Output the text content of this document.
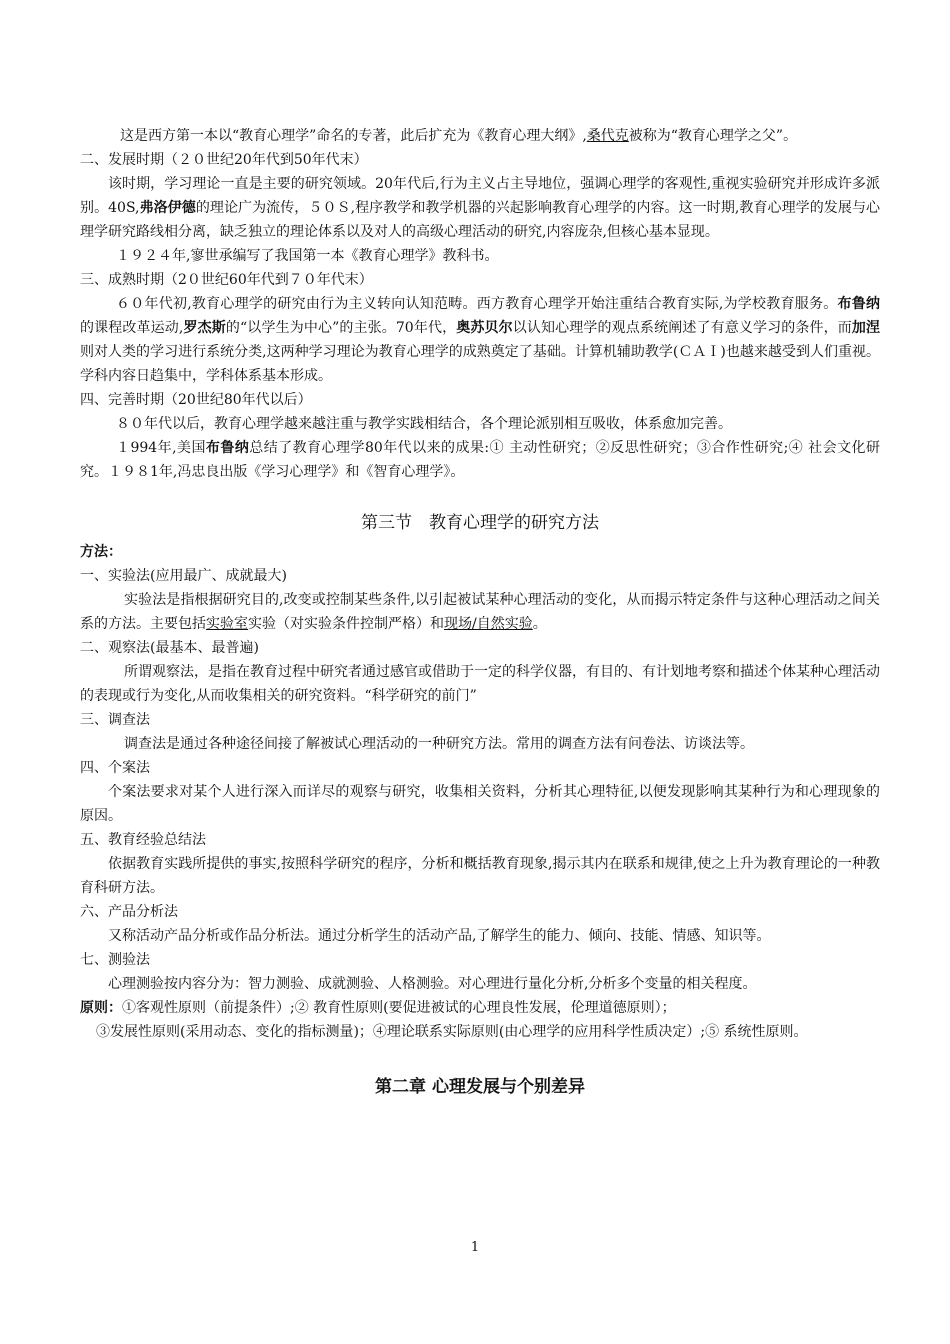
这是西方第一本以“教育心理学”命名的专著，此后扩充为《教育心理大纲》,桑代克被称为“教育心理学之父”。

二、发展时期（２０世纪20年代到50年代末）

该时期，学习理论一直是主要的研究领域。20年代后,行为主义占主导地位，强调心理学的客观性,重视实验研究并形成许多派别。40S,弗洛伊德的理论广为流传，５０Ｓ,程序教学和教学机器的兴起影响教育心理学的内容。这一时期,教育心理学的发展与心理学研究路线相分离，缺乏独立的理论体系以及对人的高级心理活动的研究,内容庞杂,但核心基本显现。

１９２４年,寥世承编写了我国第一本《教育心理学》教科书。

三、成熟时期（2０世纪60年代到７０年代末）

６０年代初,教育心理学的研究由行为主义转向认知范畴。西方教育心理学开始注重结合教育实际,为学校教育服务。布鲁纳的课程改革运动,罗杰斯的“以学生为中心”的主张。70年代，奥苏贝尔以认知心理学的观点系统阐述了有意义学习的条件，而加涅则对人类的学习进行系统分类,这两种学习理论为教育心理学的成熟奠定了基础。计算机辅助教学(ＣＡＩ)也越来越受到人们重视。学科内容日趋集中，学科体系基本形成。

四、完善时期（20世纪80年代以后）

８０年代以后，教育心理学越来越注重与教学实践相结合，各个理论派别相互吸收，体系愈加完善。

１994年,美国布鲁纳总结了教育心理学80年代以来的成果:① 主动性研究；②反思性研究；③合作性研究;④ 社会文化研究。１９８1年,冯忠良出版《学习心理学》和《智育心理学》。

第三节　教育心理学的研究方法

方法：

一、实验法(应用最广、成就最大)

实验法是指根据研究目的,改变或控制某些条件,以引起被试某种心理活动的变化，从而揭示特定条件与这种心理活动之间关系的方法。主要包括实验室实验（对实验条件控制严格）和现场/自然实验。

二、观察法(最基本、最普遍)

所谓观察法，是指在教育过程中研究者通过感官或借助于一定的科学仪器，有目的、有计划地考察和描述个体某种心理活动的表现或行为变化,从而收集相关的研究资料。“科学研究的前门”

三、调查法

调查法是通过各种途径间接了解被试心理活动的一种研究方法。常用的调查方法有问卷法、访谈法等。

四、个案法

个案法要求对某个人进行深入而详尽的观察与研究，收集相关资料，分析其心理特征,以便发现影响其某种行为和心理现象的原因。

五、教育经验总结法

依据教育实践所提供的事实,按照科学研究的程序，分析和概括教育现象,揭示其内在联系和规律,使之上升为教育理论的一种教育科研方法。

六、产品分析法

又称活动产品分析或作品分析法。通过分析学生的活动产品,了解学生的能力、倾向、技能、情感、知识等。

七、测验法

心理测验按内容分为：智力测验、成就测验、人格测验。对心理进行量化分析,分析多个变量的相关程度。

原则：①客观性原则（前提条件）;② 教育性原则(要促进被试的心理良性发展，伦理道德原则）；

③发展性原则(采用动态、变化的指标测量)；④理论联系实际原则(由心理学的应用科学性质决定）;⑤ 系统性原则。

第二章 心理发展与个别差异

1
